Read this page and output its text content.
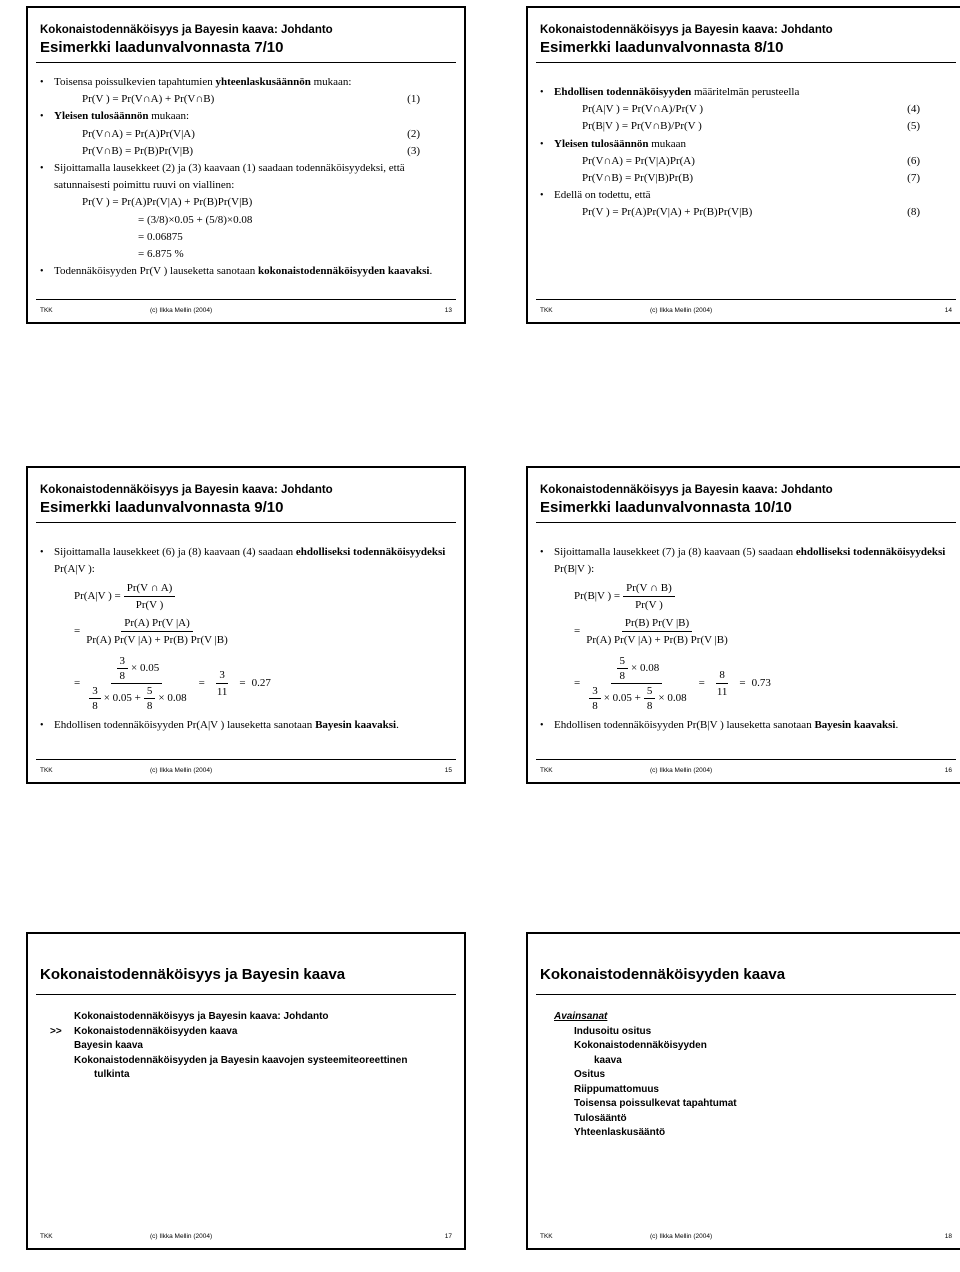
Kokonaistodennäköisyys ja Bayesin kaava: Johdanto
Esimerkki laadunvalvonnasta 7/10
• Toisensa poissulkevien tapahtumien yhteenlaskusäännön mukaan:
Pr(V ) = Pr(V∩A) + Pr(V∩B)	(1)
• Yleisen tulosäännön mukaan:
Pr(V∩A) = Pr(A)Pr(V|A)	(2)
Pr(V∩B) = Pr(B)Pr(V|B)	(3)
• Sijoittamalla lausekkeet (2) ja (3) kaavaan (1) saadaan todennäköisyydeksi, että satunnaisesti poimittu ruuvi on viallinen:
Pr(V ) = Pr(A)Pr(V|A) + Pr(B)Pr(V|B)
= (3/8)×0.05 + (5/8)×0.08
= 0.06875
= 6.875 %
• Todennäköisyyden Pr(V ) lauseketta sanotaan kokonaistodennäköisyyden kaavaksi.
TKK	(c) Ilkka Mellin (2004)	13
Kokonaistodennäköisyys ja Bayesin kaava: Johdanto
Esimerkki laadunvalvonnasta 8/10
• Ehdollisen todennäköisyyden määritelmän perusteella
Pr(A|V ) = Pr(V∩A)/Pr(V )	(4)
Pr(B|V ) = Pr(V∩B)/Pr(V )	(5)
• Yleisen tulosäännön mukaan
Pr(V∩A) = Pr(V|A)Pr(A)	(6)
Pr(V∩B) = Pr(V|B)Pr(B)	(7)
• Edellä on todettu, että
Pr(V ) = Pr(A)Pr(V|A) + Pr(B)Pr(V|B)	(8)
TKK	(c) Ilkka Mellin (2004)	14
Kokonaistodennäköisyys ja Bayesin kaava: Johdanto
Esimerkki laadunvalvonnasta 9/10
• Sijoittamalla lausekkeet (6) ja (8) kaavaan (4) saadaan ehdolliseksi todennäköisyydeksi Pr(A|V ):
Pr(A|V ) = $\frac{Pr(V \cap A)}{Pr(V )}$
= $\frac{Pr(A) Pr(V |A)}{Pr(A) Pr(V |A) + Pr(B) Pr(V |B)}$
= $\frac{\frac{3}{8} \times 0.05}{\frac{3}{8} \times 0.05 + \frac{5}{8} \times 0.08} = \frac{3}{11} = 0.27$
• Ehdollisen todennäköisyyden Pr(A|V ) lauseketta sanotaan Bayesin kaavaksi.
TKK	(c) Ilkka Mellin (2004)	15
Kokonaistodennäköisyys ja Bayesin kaava: Johdanto
Esimerkki laadunvalvonnasta 10/10
• Sijoittamalla lausekkeet (7) ja (8) kaavaan (5) saadaan ehdolliseksi todennäköisyydeksi Pr(B|V ):
Pr(B|V ) = $\frac{Pr(V \cap B)}{Pr(V )}$
= $\frac{Pr(B) Pr(V |B)}{Pr(A) Pr(V |A) + Pr(B) Pr(V |B)}$
= $\frac{\frac{5}{8} \times 0.08}{\frac{3}{8} \times 0.05 + \frac{5}{8} \times 0.08} = \frac{8}{11} = 0.73$
• Ehdollisen todennäköisyyden Pr(B|V ) lauseketta sanotaan Bayesin kaavaksi.
TKK	(c) Ilkka Mellin (2004)	16
Kokonaistodennäköisyys ja Bayesin kaava
Kokonaistodennäköisyys ja Bayesin kaava: Johdanto
>> Kokonaistodennäköisyyden kaava
Bayesin kaava
Kokonaistodennäköisyyden ja Bayesin kaavojen systeemiteoreettinen
tulkinta
TKK	(c) Ilkka Mellin (2004)	17
Kokonaistodennäköisyyden kaava
Avainsanat
Indusoitu ositus
Kokonaistodennäköisyyden
kaava
Ositus
Riippumattomuus
Toisensa poissulkevat tapahtumat
Tulosääntö
Yhteenlaskusääntö
TKK	(c) Ilkka Mellin (2004)	18
